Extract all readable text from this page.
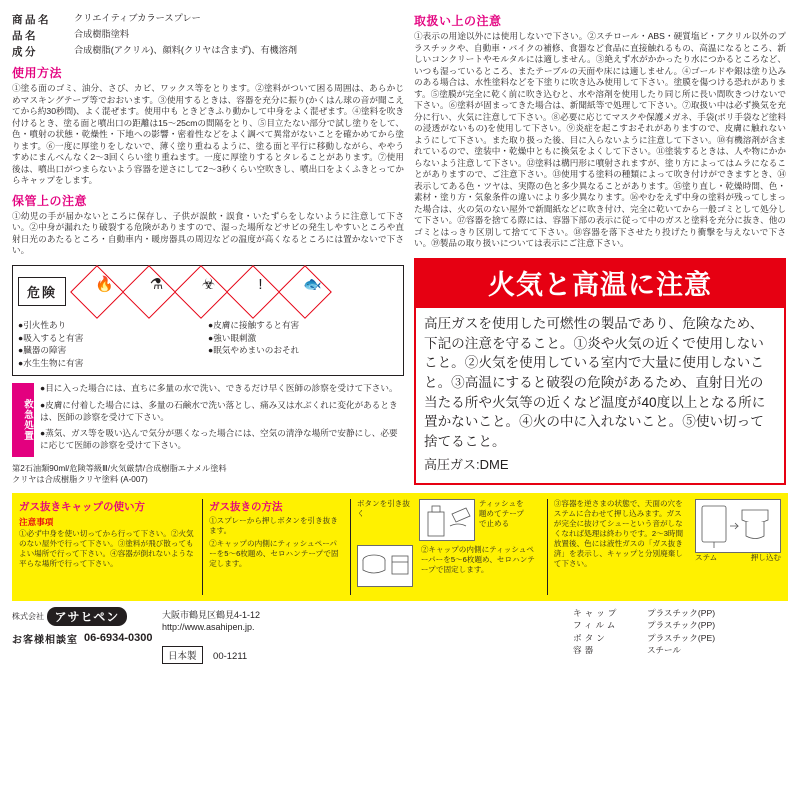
商品名	クリエイティブカラースプレー
品名	合成樹脂塗料
成分	合成樹脂(アクリル)、顔料(クリヤは含まず)、有機溶剤
使用方法
①塗る面のゴミ、油分、さび、カビ、ワックス等をとります。②塗料がついて困る周囲は、あらかじめマスキングテープ等でおおいます。③使用するときは、容器を充分に振り(かくはん球の音が聞こえてから約30秒間)、よく混ぜます。使用中も ときどきふり動かして中身をよく混ぜます。④塗料を吹き付けるとき、塗る面と噴出口の距離は15〜25cmの間隔をとり、⑤目立たない部分で試し塗りをして、色・噴射の状態・乾燥性・下地への影響・密着性などをよく調べて異常がないことを確かめてから塗ります。⑥一度に厚塗りをしないで、薄く塗り重ねるように、塗る面と平行に移動しながら、ややうすめにまんべんなく2〜3回くらい塗り重ねます。一度に厚塗りするとタレることがあります。⑦使用後は、噴出口がつまらないよう容器を逆さにして2〜3秒くらい空吹きし、噴出口をよくふきとってからキャップをします。
保管上の注意
①幼児の手が届かないところに保存し、子供が誤飲・誤食・いたずらをしないように注意して下さい。②中身が漏れたり破裂する危険がありますので、湿った場所などサビの発生しやすいところや直射日光のあたるところ・自動車内・暖房器具の周辺などの温度が高くなるところには置かないで下さい。
危険	🔥	⚗	☣	!	🐟
●引火性あり	●皮膚に接触すると有害
●吸入すると有害	●強い眼刺激
●臓器の障害	●眠気やめまいのおそれ
●水生生物に有害
救急処置

●目に入った場合には、直ちに多量の水で洗い、できるだけ早く医師の診察を受けて下さい。

●皮膚に付着した場合には、多量の石鹸水で洗い落とし、痛み又は水ぶくれに変化があるときは、医師の診察を受けて下さい。

●蒸気、ガス等を吸い込んで気分が悪くなった場合には、空気の清浄な場所で安静にし、必要に応じて医師の診察を受けて下さい。

第2石油類90ml/危険等級Ⅲ/火気厳禁/合成樹脂エナメル塗料
クリヤは合成樹脂クリヤ塗料 (A-007)
取扱い上の注意
①表示の用途以外には使用しないで下さい。②スチロール・ABS・硬質塩ビ・アクリル以外のプラスチックや、自動車・バイクの補修、食器など食品に直接触れるもの、高温になるところ、新しいコンクリートやモルタルには適しません。③絶えず水がかかったり水につかるところなど、いつも湿っているところ、またテーブルの天面や床には適しません。④ゴールドや銀は塗り込みのある場合は、水性塗料などを下塗りに吹き込み使用して下さい。塗膜を傷つける恐れがあります。⑤塗膜が完全に乾く前に吹き込むと、水や溶剤を使用したり同じ所に長い間吹きつけないで下さい。⑥塗料が固まってきた場合は、新聞紙等で処理して下さい。⑦取扱い中は必ず換気を充分に行い、火気に注意して下さい。⑧必要に応じてマスクや保護メガネ、手袋(ポリ手袋など塗料の浸透がないもの)を使用して下さい。⑨炎症を起こすおそれがありますので、皮膚に触れないようにして下さい。また取り扱った後、目に入らないように注意して下さい。⑩有機溶剤が含まれているので、塗装中・乾燥中ともに換気をよくして下さい。⑪塗装するときは、人や物にかからないよう注意して下さい。⑫塗料は構円形に噴射されますが、塗り方によってはムラになることがありますので、ご注意下さい。⑬使用する塗料の種類によって吹き付けができますとき、⑭表示してある色・ツヤは、実際の色と多少異なることがあります。⑮塗り直し・乾燥時間、色・素材・塗り方・気象条件の違いにより多少異なります。⑯やむをえず中身の塗料が残ってしまった場合は、火の気のない屋外で新聞紙などに吹き付け、完全に乾いてから一般ゴミとして処分して下さい。⑰容器を捨てる際には、容器下部の表示に従って中のガスと塗料を充分に抜き、他のゴミとはっきり区別して捨てて下さい。⑱容器を落下させたり投げたり衝撃を与えないで下さい。⑲製品の取り扱いについては表示にご注意下さい。
火気と高温に注意
高圧ガスを使用した可燃性の製品であり、危険なため、下記の注意を守ること。①炎や火気の近くで使用しないこと。②火気を使用している室内で大量に使用しないこと。③高温にすると破裂の危険があるため、直射日光の当たる所や火気等の近くなど温度が40度以上となる所に置かないこと。④火の中に入れないこと。⑤使い切って捨てること。
高圧ガス:DME
ガス抜きキャップの使い方
注意事項
①必ず中身を使い切ってから行って下さい。②火気のない屋外で行って下さい。③塗料が飛び散ってもよい場所で行って下さい。④容器が倒れないような平らな場所で行って下さい。
ガス抜きの方法
①スプレーから押しボタンを引き抜きます。
②キャップの内側にティッシュペーパーを5〜6枚題め、セロハンテープで固定します。
ボタンを引き抜く
ティッシュを題めてテープで止める
②キャップの内側にティッシュペーパーを5〜6枚題め、セロハンテープで固定します。
③容器を逆さまの状態で、天面の穴をステムに合わせて押し込みます。ガスが完全に抜けてシューという音がしなくなれば処理は終わりです。2〜3時間放置後、色には液性ガスの「ガス抜き済」を表示し、キャップと分別廃棄して下さい。
ステム	押し込む
株式会社 アサヒペン
お客様相談室 06-6934-0300
大阪市鶴見区鶴見4-1-12
http://www.asahipen.jp.
日本製 00-1211
キャップ	プラスチック(PP)
フィルム	プラスチック(PP)
ボタン	プラスチック(PE)
容器	スチール
